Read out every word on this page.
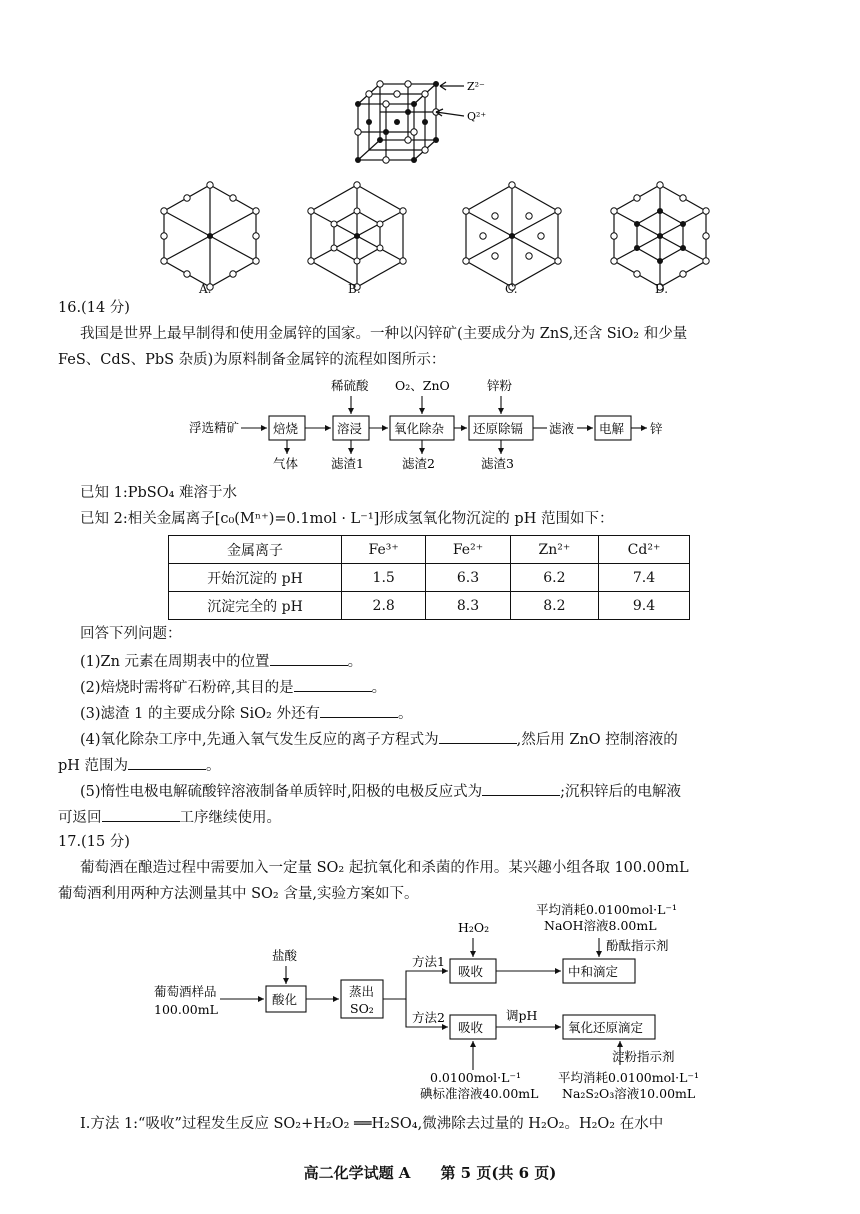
Z²⁻
Q²⁺
A.	B.	C.	D.
16.(14 分)
我国是世界上最早制得和使用金属锌的国家。一种以闪锌矿(主要成分为 ZnS,还含 SiO₂ 和少量
FeS、CdS、PbS 杂质)为原料制备金属锌的流程如图所示：
浮选精矿
稀硫酸 O₂、ZnO	锌粉
焙烧	溶浸	氧化除杂 还原除镉 滤液 电解 锌
气体	滤渣1	滤渣2	滤渣3
已知 1:PbSO₄ 难溶于水
已知 2:相关金属离子[c₀(Mⁿ⁺)=0.1mol · L⁻¹]形成氢氧化物沉淀的 pH 范围如下：
金属离子	Fe³⁺	Fe²⁺	Zn²⁺	Cd²⁺
开始沉淀的 pH	1.5	6.3	6.2	7.4
沉淀完全的 pH	2.8	8.3	8.2	9.4
回答下列问题：
(1)Zn 元素在周期表中的位置	。
(2)焙烧时需将矿石粉碎,其目的是	。
(3)滤渣 1 的主要成分除 SiO₂ 外还有	。
(4)氧化除杂工序中,先通入氧气发生反应的离子方程式为	,然后用 ZnO 控制溶液的
pH 范围为	。
(5)惰性电极电解硫酸锌溶液制备单质锌时,阳极的电极反应式为	;沉积锌后的电解液
可返回	工序继续使用。
17.(15 分)
葡萄酒在酿造过程中需要加入一定量 SO₂ 起抗氧化和杀菌的作用。某兴趣小组各取 100.00mL
葡萄酒利用两种方法测量其中 SO₂ 含量,实验方案如下。
葡萄酒样品
100.00mL
盐酸
酸化
蒸出
SO₂
方法1
方法2
H₂O₂
吸收
吸收
调pH
中和滴定
氧化还原滴定
平均消耗0.0100mol·L⁻¹
NaOH溶液8.00mL
酚酞指示剂
淀粉指示剂
平均消耗0.0100mol·L⁻¹
Na₂S₂O₃溶液10.00mL
0.0100mol·L⁻¹
碘标准溶液40.00mL
Ⅰ.方法 1:“吸收”过程发生反应 SO₂+H₂O₂ ══H₂SO₄,微沸除去过量的 H₂O₂。H₂O₂ 在水中
高二化学试题 A　　第 5 页(共 6 页)
